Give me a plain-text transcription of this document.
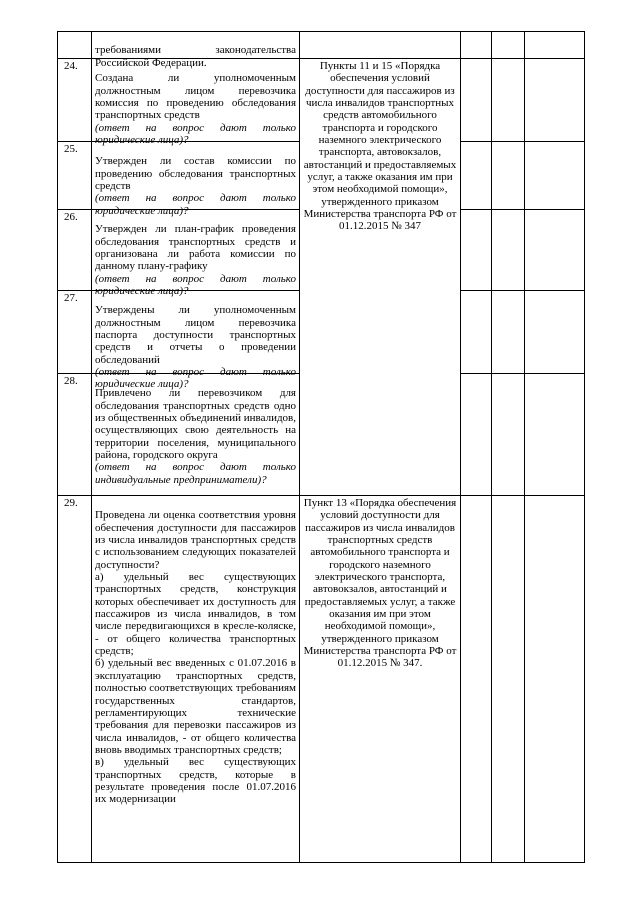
требованиями законодательства Российской Федерации.

24.

Создана ли уполномоченным должностным лицом перевозчика комиссия по проведению обследования транспортных средств
(ответ на вопрос дают только юридические лица)?

25.

Утвержден ли состав комиссии по проведению обследования транспортных средств
(ответ на вопрос дают только юридические лица)?

26.

Утвержден ли план-график проведения обследования транспортных средств и организована ли работа комиссии по данному плану-графику
(ответ на вопрос дают только юридические лица)?

27.

Утверждены ли уполномоченным должностным лицом перевозчика паспорта доступности транспортных средств и отчеты о проведении обследований
(ответ на вопрос дают только юридические лица)?

28.

Привлечено ли перевозчиком для обследования транспортных средств одно из общественных объединений инвалидов, осуществляющих свою деятельность на территории поселения, муниципального района, городского округа
(ответ на вопрос дают только индивидуальные предприниматели)?

29.

Проведена ли оценка соответствия уровня обеспечения доступности для пассажиров из числа инвалидов транспортных средств с использованием следующих показателей доступности?
а) удельный вес существующих транспортных средств, конструкция которых обеспечивает их доступность для пассажиров из числа инвалидов, в том числе передвигающихся в кресле-коляске, - от общего количества транспортных средств;
б) удельный вес введенных с 01.07.2016 в эксплуатацию транспортных средств, полностью соответствующих требованиям государственных стандартов, регламентирующих технические требования для перевозки пассажиров из числа инвалидов, - от общего количества вновь вводимых транспортных средств;
в) удельный вес существующих транспортных средств, которые в результате проведения после 01.07.2016 их модернизации

Пункты 11 и 15 «Порядка обеспечения условий доступности для пассажиров из числа инвалидов транспортных средств автомобильного транспорта и городского наземного электрического транспорта, автовокзалов, автостанций и предоставляемых услуг, а также оказания им при этом необходимой помощи», утвержденного приказом Министерства транспорта РФ от 01.12.2015 № 347
Пункт 13 «Порядка обеспечения условий доступности для пассажиров из числа инвалидов транспортных средств автомобильного транспорта и городского наземного электрического транспорта, автовокзалов, автостанций и предоставляемых услуг, а также оказания им при этом необходимой помощи», утвержденного приказом Министерства транспорта РФ от 01.12.2015 № 347.
